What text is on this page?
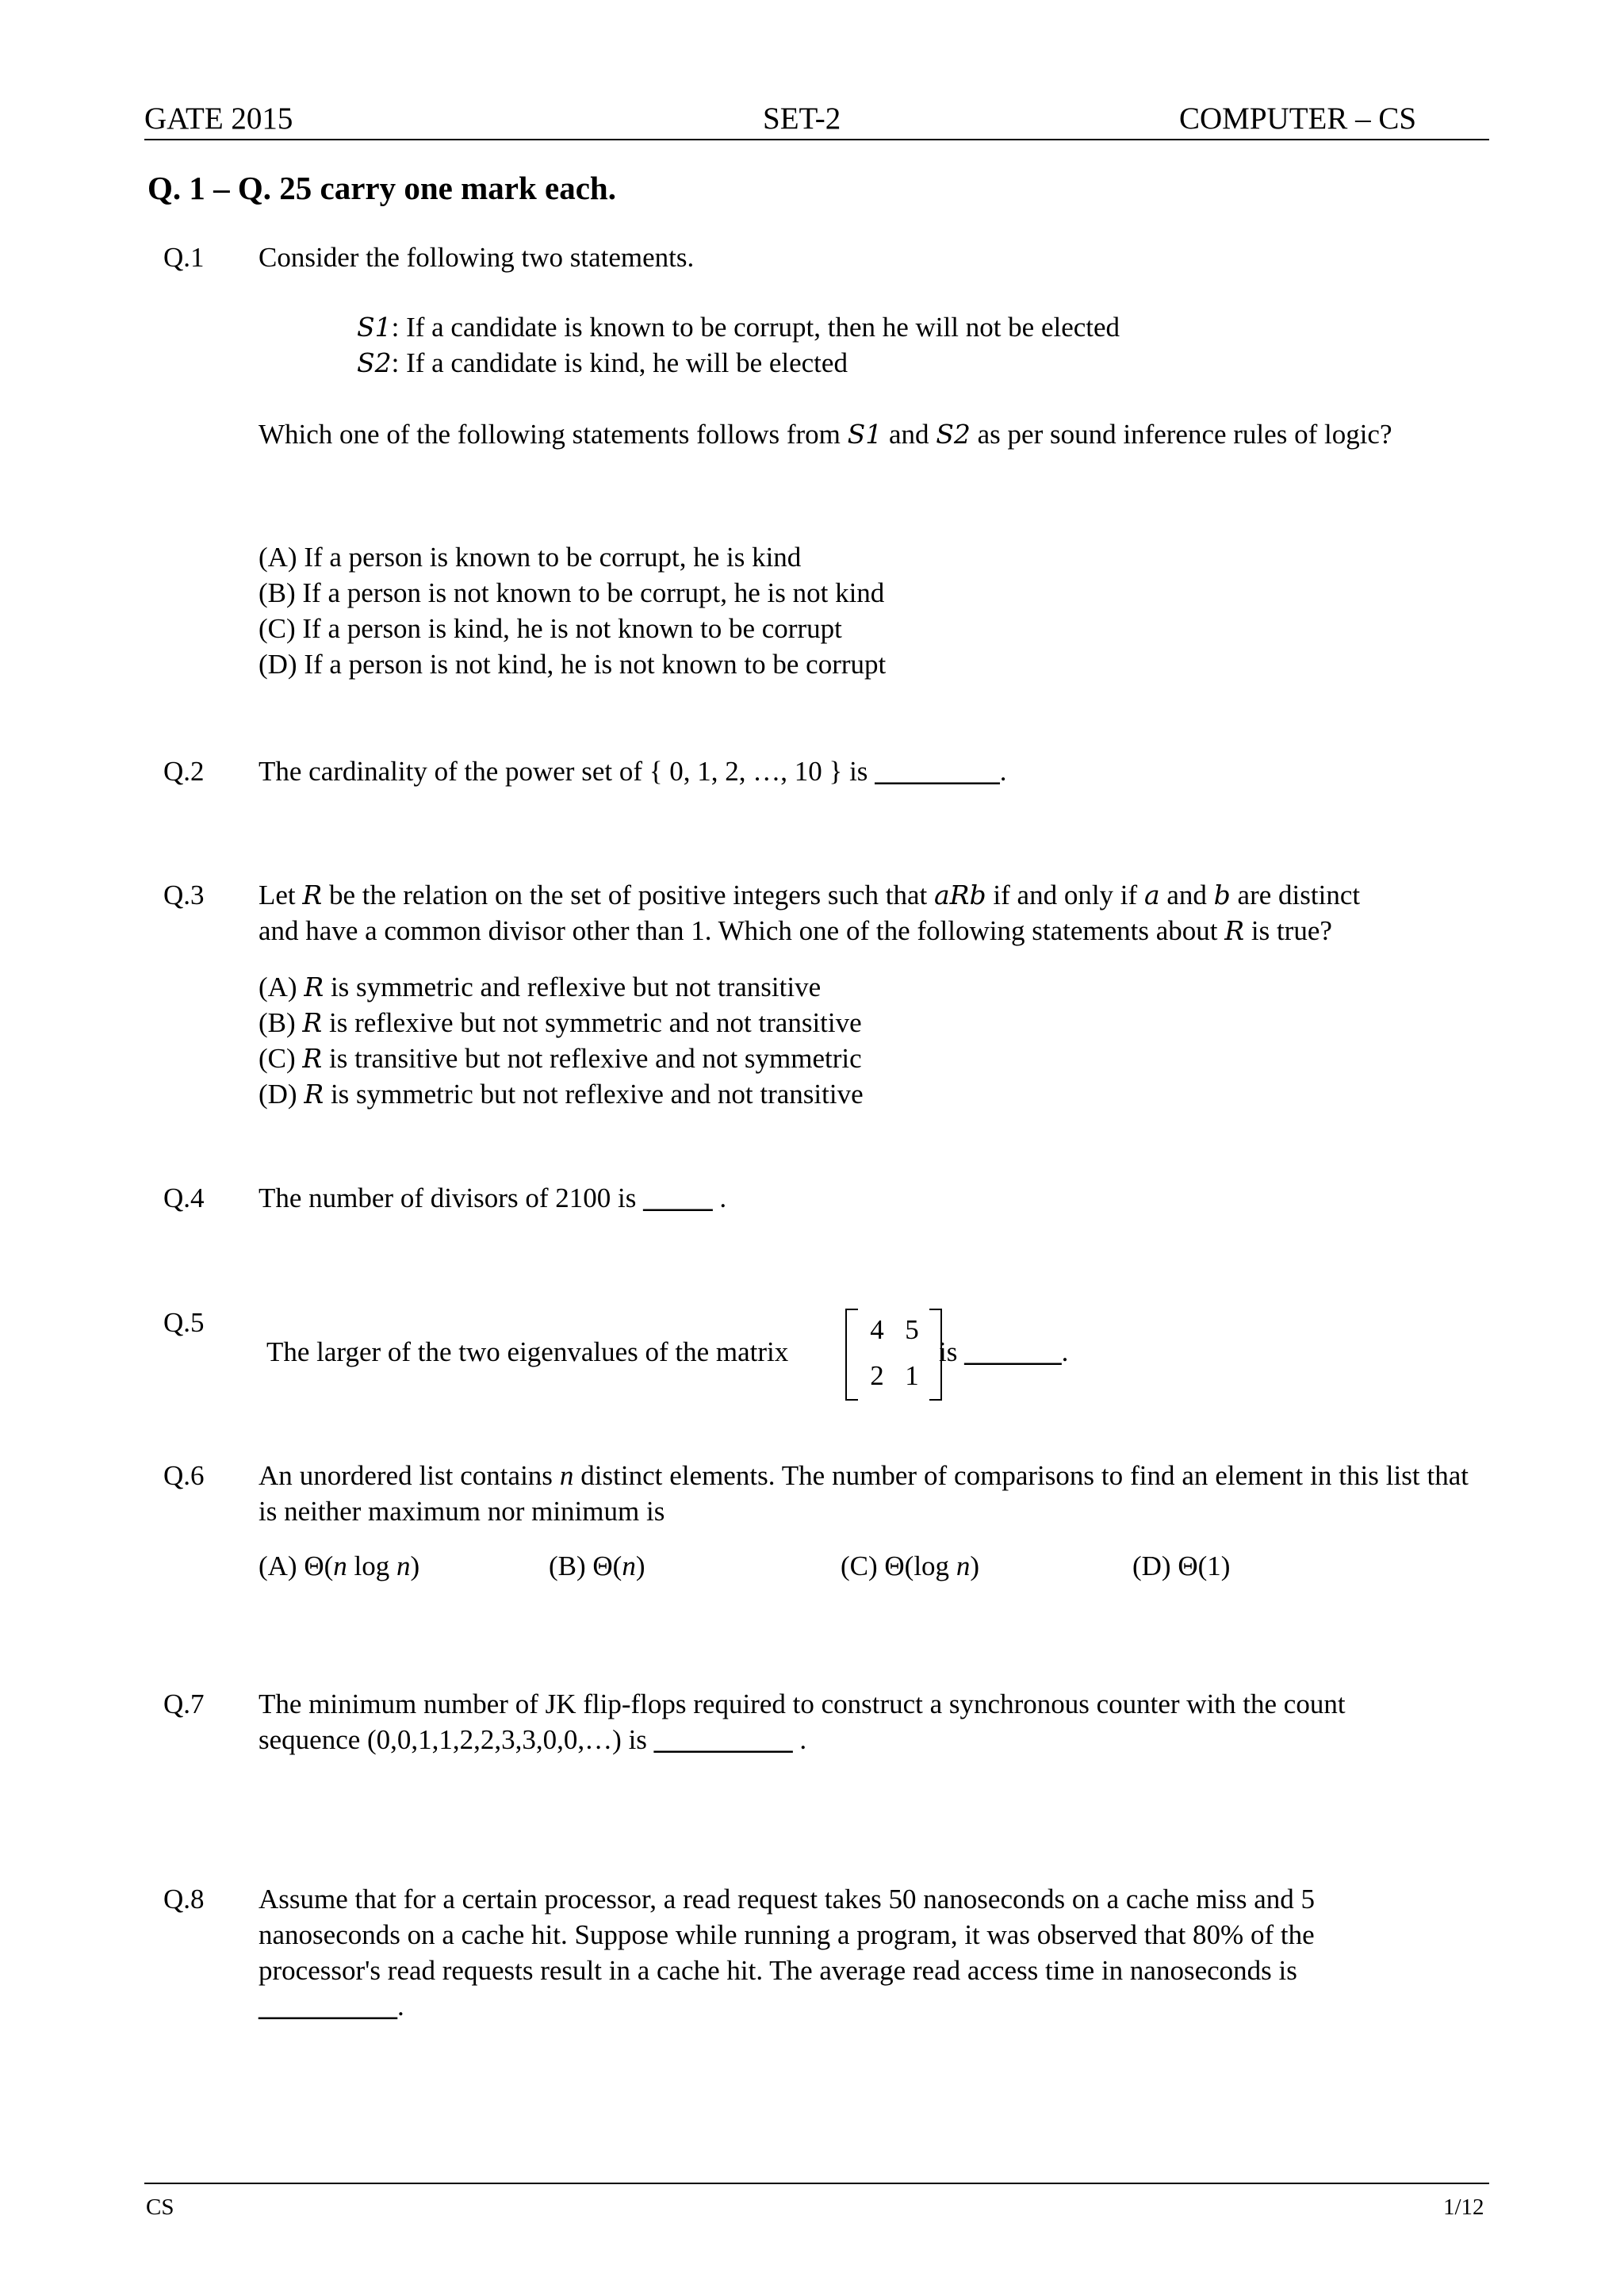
GATE 2015	SET-2	COMPUTER – CS
Q. 1 – Q. 25 carry one mark each.
Q.1 Consider the following two statements.
S1: If a candidate is known to be corrupt, then he will not be elected
S2: If a candidate is kind, he will be elected
Which one of the following statements follows from S1 and S2 as per sound inference rules of logic?
(A) If a person is known to be corrupt, he is kind
(B) If a person is not known to be corrupt, he is not kind
(C) If a person is kind, he is not known to be corrupt
(D) If a person is not kind, he is not known to be corrupt
Q.2 The cardinality of the power set of { 0, 1, 2, …, 10 } is _________.
Q.3 Let R be the relation on the set of positive integers such that aRb if and only if a and b are distinct
and have a common divisor other than 1. Which one of the following statements about R is true?
(A) R is symmetric and reflexive but not transitive
(B) R is reflexive but not symmetric and not transitive
(C) R is transitive but not reflexive and not symmetric
(D) R is symmetric but not reflexive and not transitive
Q.4 The number of divisors of 2100 is _____ .
Q.5
The larger of the two eigenvalues of the matrix
4 5
2 1
is _______.
Q.6 An unordered list contains n distinct elements. The number of comparisons to find an element in this list that is neither maximum nor minimum is
(A) Θ(n log n)	(B) Θ(n)	(C) Θ(log n)	(D) Θ(1)
Q.7 The minimum number of JK flip-flops required to construct a synchronous counter with the count
sequence (0,0,1,1,2,2,3,3,0,0,…) is __________ .
Q.8 Assume that for a certain processor, a read request takes 50 nanoseconds on a cache miss and 5
nanoseconds on a cache hit. Suppose while running a program, it was observed that 80% of the
processor's read requests result in a cache hit. The average read access time in nanoseconds is
__________.
CS	1/12
